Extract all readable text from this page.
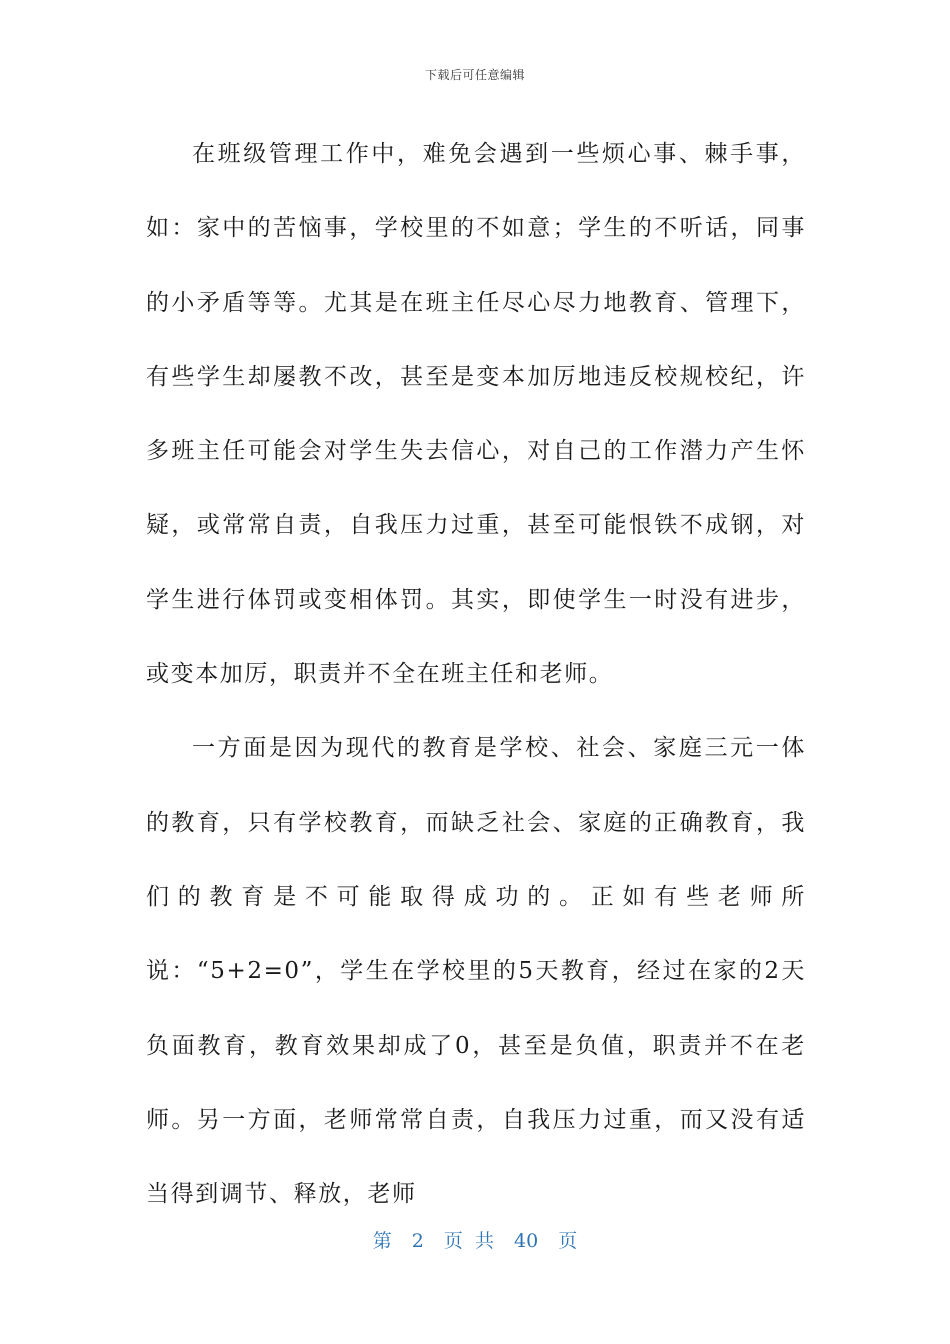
下载后可任意编辑

在班级管理工作中，难免会遇到一些烦心事、棘手事，如：家中的苦恼事，学校里的不如意；学生的不听话，同事的小矛盾等等。尤其是在班主任尽心尽力地教育、管理下，有些学生却屡教不改，甚至是变本加厉地违反校规校纪，许多班主任可能会对学生失去信心，对自己的工作潜力产生怀疑，或常常自责，自我压力过重，甚至可能恨铁不成钢，对学生进行体罚或变相体罚。其实，即使学生一时没有进步，或变本加厉，职责并不全在班主任和老师。

一方面是因为现代的教育是学校、社会、家庭三元一体的教育，只有学校教育，而缺乏社会、家庭的正确教育，我们的教育是不可能取得成功的。正如有些老师所说：“5+2=0”，学生在学校里的5天教育，经过在家的2天负面教育，教育效果却成了0，甚至是负值，职责并不在老师。另一方面，老师常常自责，自我压力过重，而又没有适当得到调节、释放，老师

第 2 页 共 40 页
